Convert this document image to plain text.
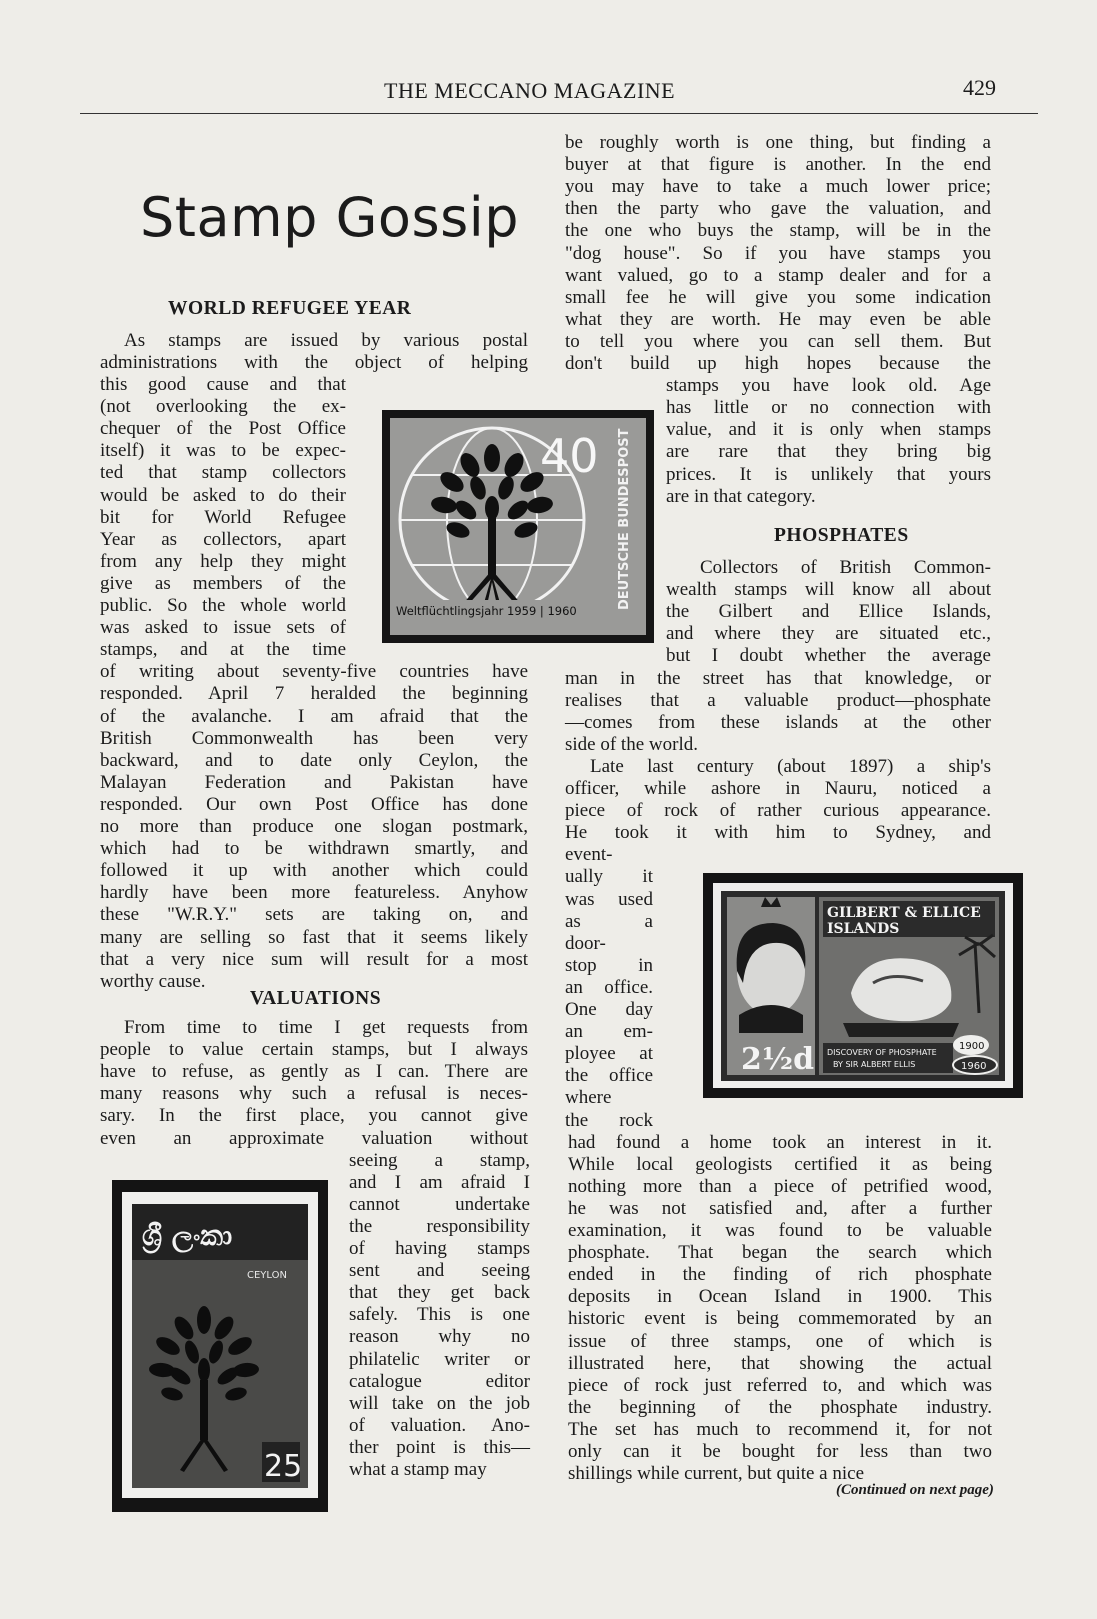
THE MECCANO MAGAZINE	429
Stamp Gossip
WORLD REFUGEE YEAR
VALUATIONS
PHOSPHATES
As stamps are issued by various postal
administrations with the object of helping
this good cause and that
(not overlooking the ex-
chequer of the Post Office
itself) it was to be expec-
ted that stamp collectors
would be asked to do their
bit for World Refugee
Year as collectors, apart
from any help they might
give as members of the
public. So the whole world
was asked to issue sets of
stamps, and at the time
of writing about seventy-five countries have
responded. April 7 heralded the beginning
of the avalanche. I am afraid that the
British Commonwealth has been very
backward, and to date only Ceylon, the
Malayan Federation and Pakistan have
responded. Our own Post Office has done
no more than produce one slogan postmark,
which had to be withdrawn smartly, and
followed it up with another which could
hardly have been more featureless. Anyhow
these "W.R.Y." sets are taking on, and
many are selling so fast that it seems likely
that a very nice sum will result for a most
worthy cause.
From time to time I get requests from
people to value certain stamps, but I always
have to refuse, as gently as I can. There are
many reasons why such a refusal is neces-
sary. In the first place, you cannot give
even an approximate valuation without
seeing a stamp,
and I am afraid I
cannot undertake
the responsibility
of having stamps
sent and seeing
that they get back
safely. This is one
reason why no
philatelic writer or
catalogue editor
will take on the job
of valuation. Ano-
ther point is this—
what a stamp may
be roughly worth is one thing, but finding a
buyer at that figure is another. In the end
you may have to take a much lower price;
then the party who gave the valuation, and
the one who buys the stamp, will be in the
"dog house". So if you have stamps you
want valued, go to a stamp dealer and for a
small fee he will give you some indication
what they are worth. He may even be able
to tell you where you can sell them. But
don't build up high hopes because the
stamps you have look old. Age
has little or no connection with
value, and it is only when stamps
are rare that they bring big
prices. It is unlikely that yours
are in that category.
Collectors of British Common-
wealth stamps will know all about
the Gilbert and Ellice Islands,
and where they are situated etc.,
but I doubt whether the average
man in the street has that knowledge, or
realises that a valuable product—phosphate
—comes from these islands at the other
side of the world.
Late last century (about 1897) a ship's
officer, while ashore in Nauru, noticed a
piece of rock of rather curious appearance.
He took it with him to Sydney, and
event-
ually it
was used
as a
door-
stop in
an office.
One day
an em-
ployee at
the office
where
the rock
had found a home took an interest in it.
While local geologists certified it as being
nothing more than a piece of petrified wood,
he was not satisfied and, after a further
examination, it was found to be valuable
phosphate. That began the search which
ended in the finding of rich phosphate
deposits in Ocean Island in 1900. This
historic event is being commemorated by an
issue of three stamps, one of which is
illustrated here, that showing the actual
piece of rock just referred to, and which was
the beginning of the phosphate industry.
The set has much to recommend it, for not
only can it be bought for less than two
shillings while current, but quite a nice
(Continued on next page)
40 DEUTSCHE BUNDESPOST
Weltflüchtlingsjahr 1959 | 1960
ශ්‍රී ලංකා
CEYLON
25
2½d
GILBERT & ELLICE
ISLANDS
DISCOVERY OF PHOSPHATE
BY SIR ALBERT ELLIS
1900
1960
